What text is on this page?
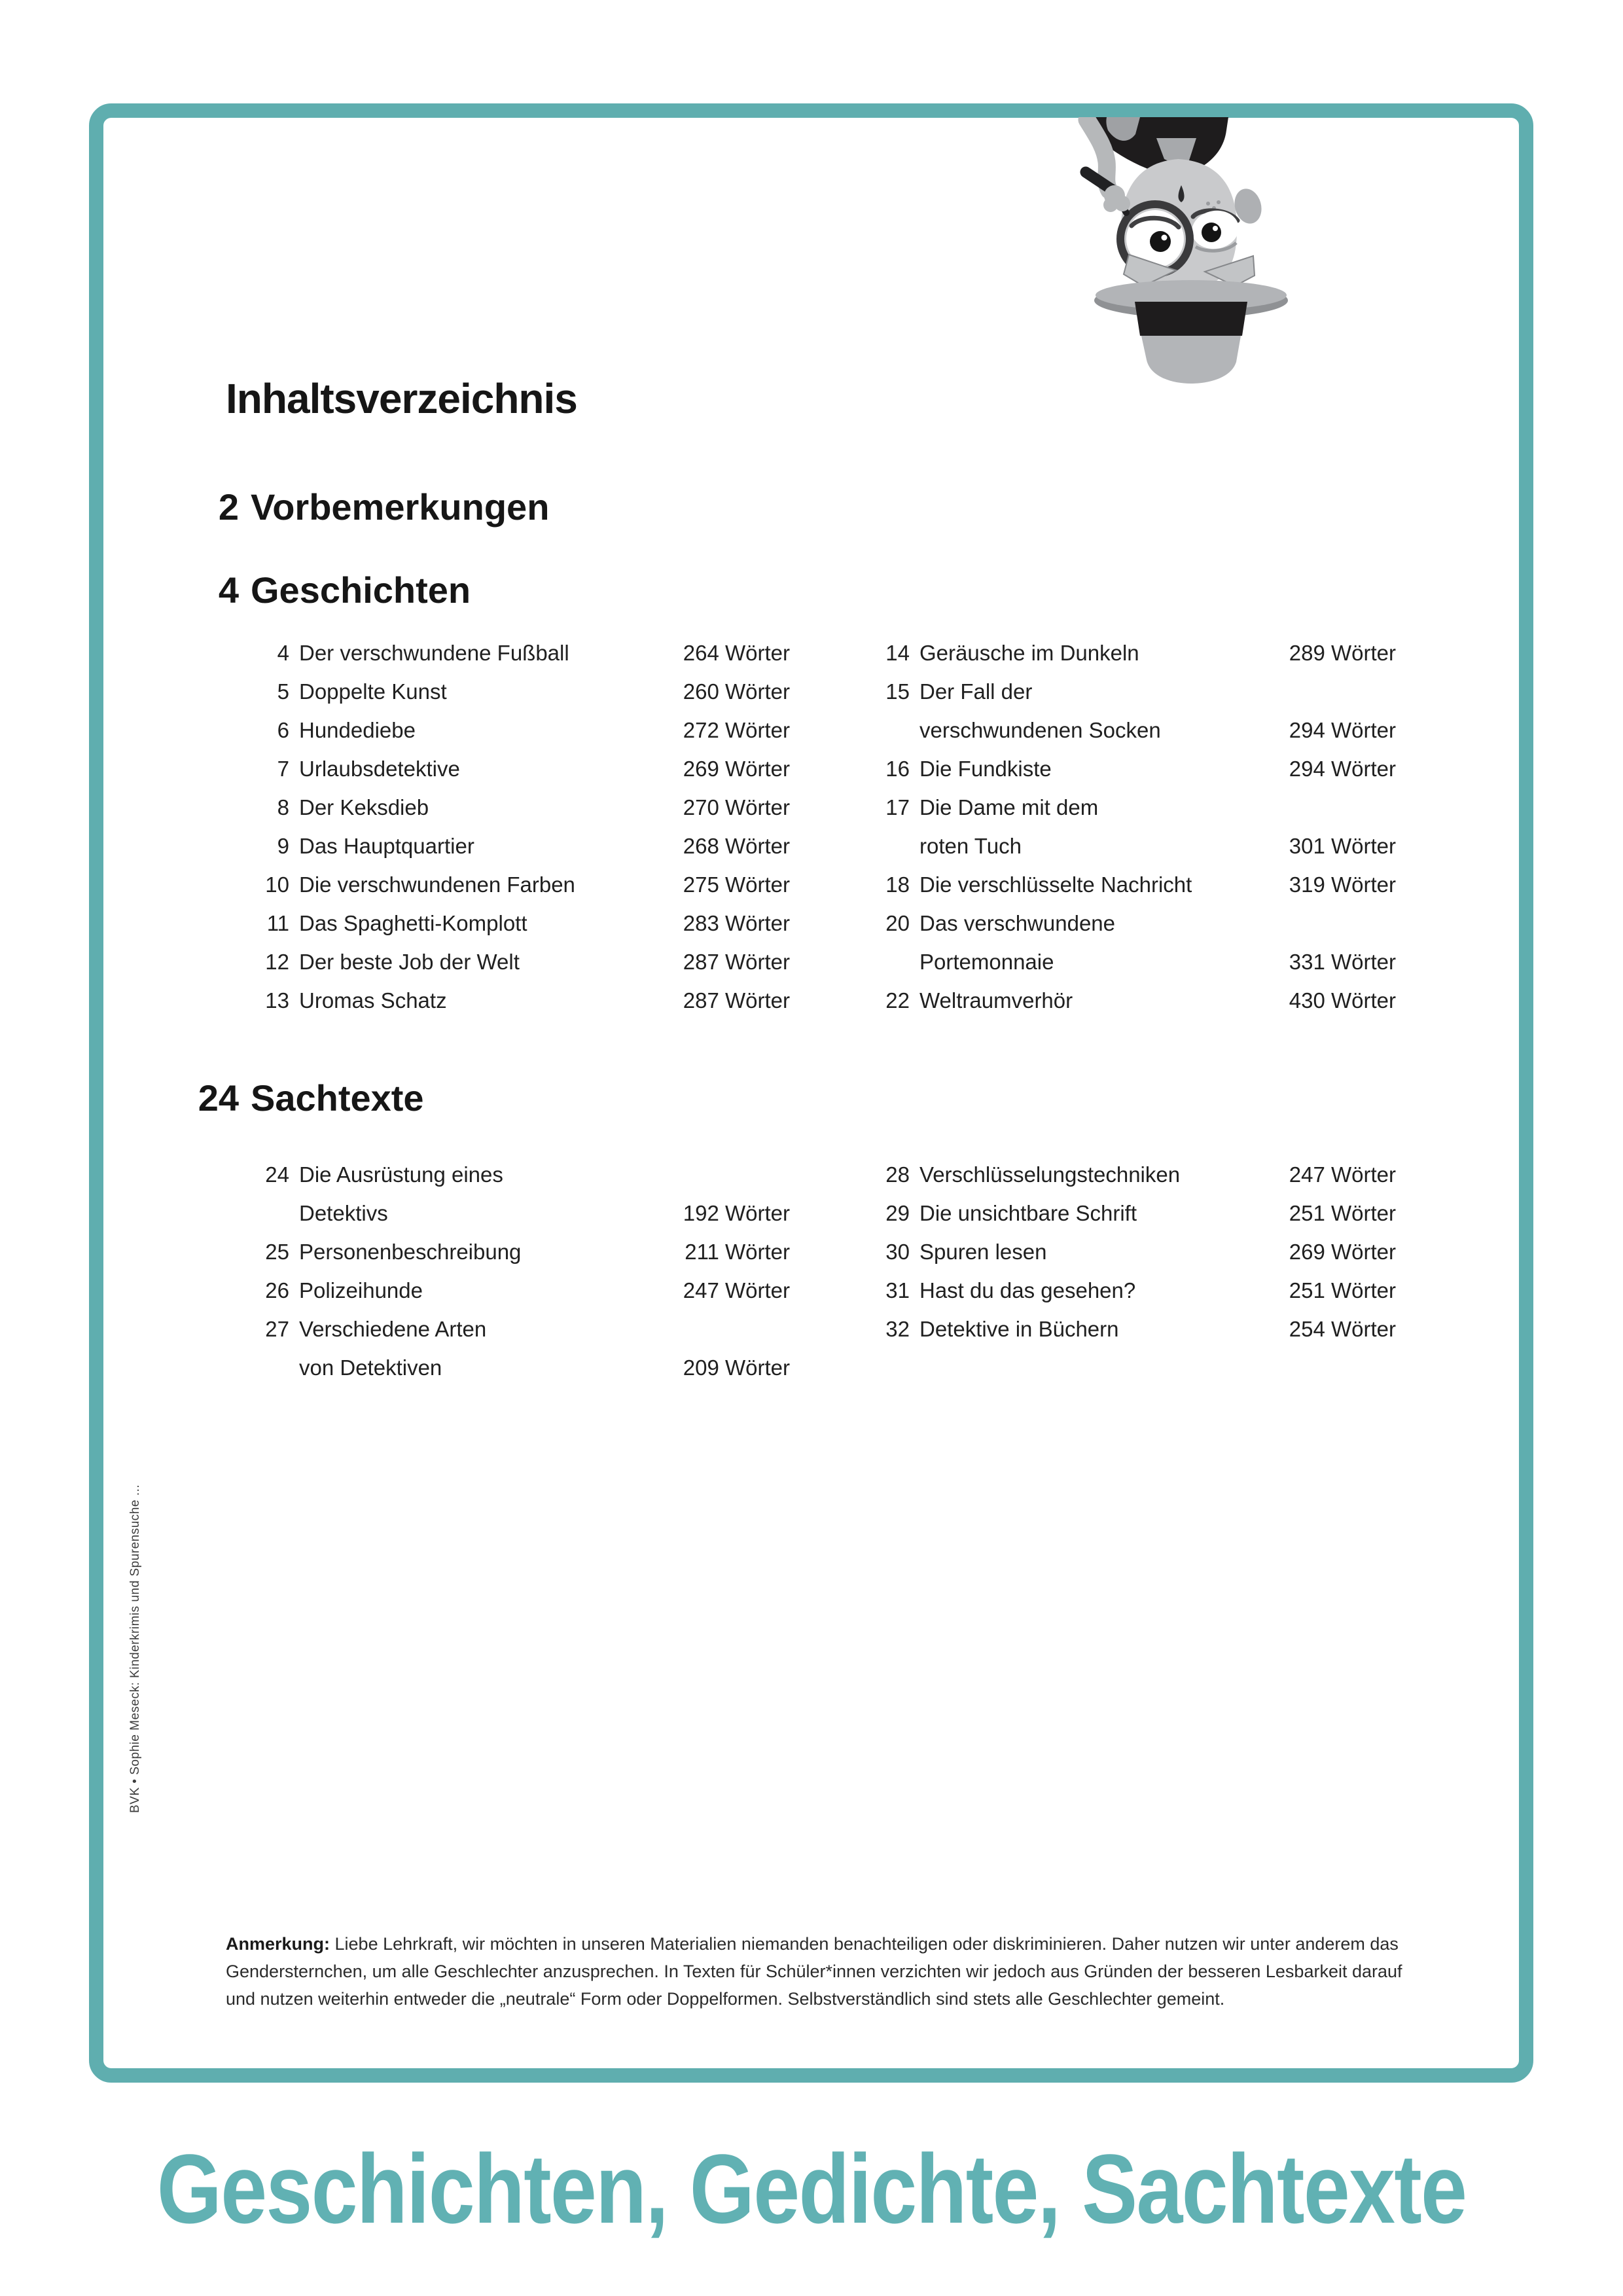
Inhaltsverzeichnis
2 Vorbemerkungen
4 Geschichten
24 Sachtexte
4 Der verschwundene Fußball	264 Wörter
5 Doppelte Kunst	260 Wörter
6 Hundediebe	272 Wörter
7 Urlaubsdetektive	269 Wörter
8 Der Keksdieb	270 Wörter
9 Das Hauptquartier	268 Wörter
10 Die verschwundenen Farben	275 Wörter
11 Das Spaghetti-Komplott	283 Wörter
12 Der beste Job der Welt	287 Wörter
13 Uromas Schatz	287 Wörter
14 Geräusche im Dunkeln	289 Wörter
15 Der Fall der
verschwundenen Socken	294 Wörter
16 Die Fundkiste	294 Wörter
17 Die Dame mit dem
roten Tuch	301 Wörter
18 Die verschlüsselte Nachricht	319 Wörter
20 Das verschwundene
Portemonnaie	331 Wörter
22 Weltraumverhör	430 Wörter
24 Die Ausrüstung eines
Detektivs	192 Wörter
25 Personenbeschreibung	211 Wörter
26 Polizeihunde	247 Wörter
27 Verschiedene Arten
von Detektiven	209 Wörter
28 Verschlüsselungstechniken	247 Wörter
29 Die unsichtbare Schrift	251 Wörter
30 Spuren lesen	269 Wörter
31 Hast du das gesehen?	251 Wörter
32 Detektive in Büchern	254 Wörter

Anmerkung: Liebe Lehrkraft, wir möchten in unseren Materialien niemanden benachteiligen oder diskriminieren. Daher nutzen wir unter anderem das Gendersternchen, um alle Geschlechter anzusprechen. In Texten für Schüler*innen verzichten wir jedoch aus Gründen der besseren Lesbarkeit darauf und nutzen weiterhin entweder die „neutrale“ Form oder Doppelformen. Selbstverständlich sind stets alle Geschlechter gemeint.

BVK • Sophie Meseck: Kinderkrimis und Spurensuche ...
Geschichten, Gedichte, Sachtexte
